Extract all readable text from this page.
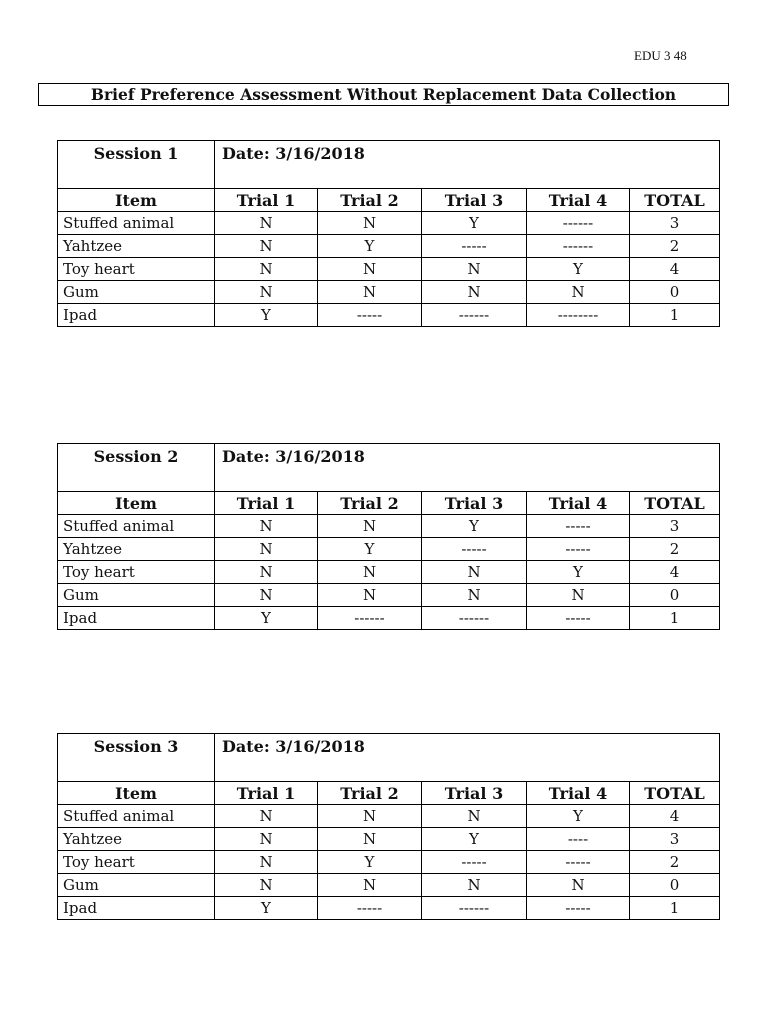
EDU 3 48
Brief Preference Assessment Without Replacement Data Collection
Session 1	Date: 3/16/2018				
Item	Trial 1	Trial 2	Trial 3	Trial 4	TOTAL
Stuffed animal	N	N	Y	------	3
Yahtzee	N	Y	-----	------	2
Toy heart	N	N	N	Y	4
Gum	N	N	N	N	0
Ipad	Y	-----	------	--------	1
Session 2	Date: 3/16/2018				
Item	Trial 1	Trial 2	Trial 3	Trial 4	TOTAL
Stuffed animal	N	N	Y	-----	3
Yahtzee	N	Y	-----	-----	2
Toy heart	N	N	N	Y	4
Gum	N	N	N	N	0
Ipad	Y	------	------	-----	1
Session 3	Date: 3/16/2018				
Item	Trial 1	Trial 2	Trial 3	Trial 4	TOTAL
Stuffed animal	N	N	N	Y	4
Yahtzee	N	N	Y	----	3
Toy heart	N	Y	-----	-----	2
Gum	N	N	N	N	0
Ipad	Y	-----	------	-----	1
